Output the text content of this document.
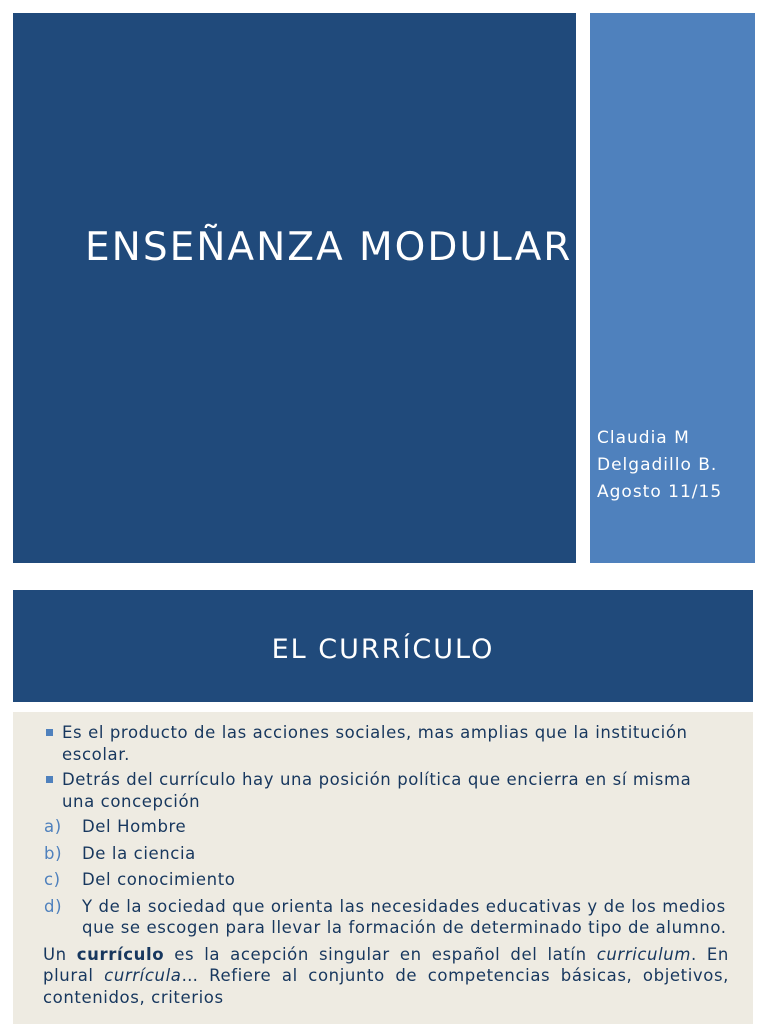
ENSEÑANZA MODULAR
Claudia M
Delgadillo B.
Agosto 11/15
EL CURRÍCULO
Es el producto de las acciones sociales, mas amplias que la institución escolar.
Detrás del currículo hay una posición política que encierra en sí misma una concepción
a) Del Hombre
b) De la ciencia
c) Del conocimiento
d) Y de la sociedad que orienta las necesidades educativas y de los medios que se escogen para llevar la formación de determinado tipo de alumno.
Un currículo es la acepción singular en español del latín curriculum. En plural currícula… Refiere al conjunto de competencias básicas, objetivos, contenidos, criterios
